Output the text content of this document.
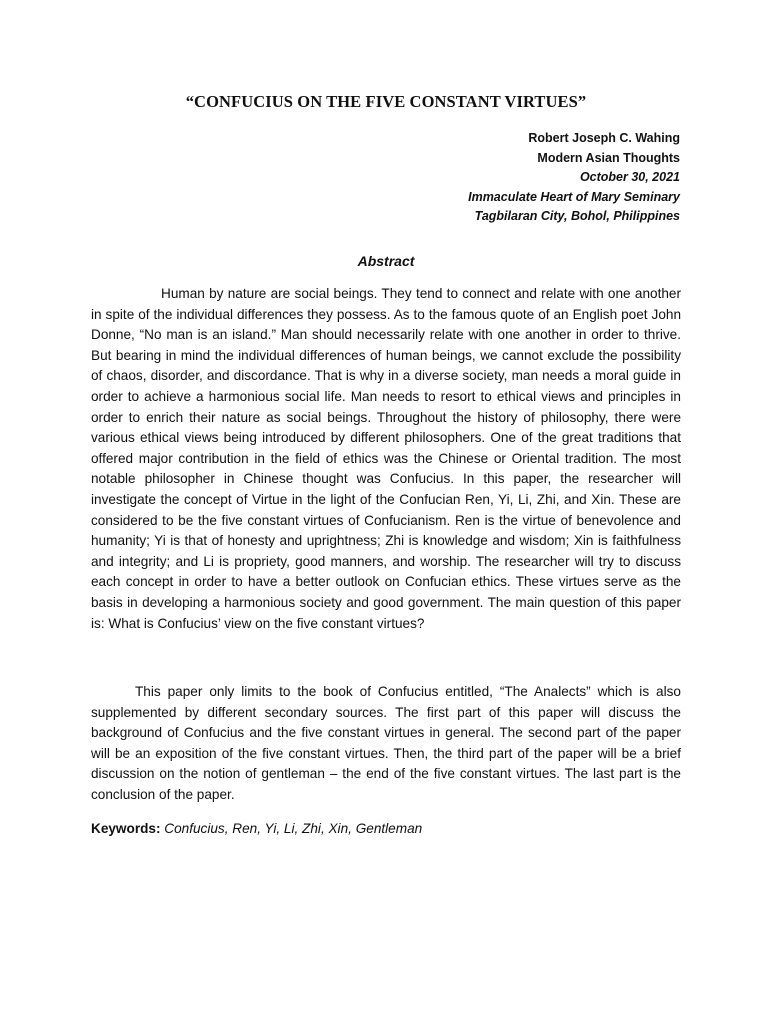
“CONFUCIUS ON THE FIVE CONSTANT VIRTUES”
Robert Joseph C. Wahing
Modern Asian Thoughts
October 30, 2021
Immaculate Heart of Mary Seminary
Tagbilaran City, Bohol, Philippines
Abstract

Human by nature are social beings. They tend to connect and relate with one another in spite of the individual differences they possess. As to the famous quote of an English poet John Donne, “No man is an island.” Man should necessarily relate with one another in order to thrive. But bearing in mind the individual differences of human beings, we cannot exclude the possibility of chaos, disorder, and discordance. That is why in a diverse society, man needs a moral guide in order to achieve a harmonious social life. Man needs to resort to ethical views and principles in order to enrich their nature as social beings. Throughout the history of philosophy, there were various ethical views being introduced by different philosophers. One of the great traditions that offered major contribution in the field of ethics was the Chinese or Oriental tradition. The most notable philosopher in Chinese thought was Confucius. In this paper, the researcher will investigate the concept of Virtue in the light of the Confucian Ren, Yi, Li, Zhi, and Xin. These are considered to be the five constant virtues of Confucianism. Ren is the virtue of benevolence and humanity; Yi is that of honesty and uprightness; Zhi is knowledge and wisdom; Xin is faithfulness and integrity; and Li is propriety, good manners, and worship. The researcher will try to discuss each concept in order to have a better outlook on Confucian ethics. These virtues serve as the basis in developing a harmonious society and good government. The main question of this paper is: What is Confucius’ view on the five constant virtues?

This paper only limits to the book of Confucius entitled, “The Analects” which is also supplemented by different secondary sources. The first part of this paper will discuss the background of Confucius and the five constant virtues in general. The second part of the paper will be an exposition of the five constant virtues. Then, the third part of the paper will be a brief discussion on the notion of gentleman – the end of the five constant virtues. The last part is the conclusion of the paper.

Keywords: Confucius, Ren, Yi, Li, Zhi, Xin, Gentleman
